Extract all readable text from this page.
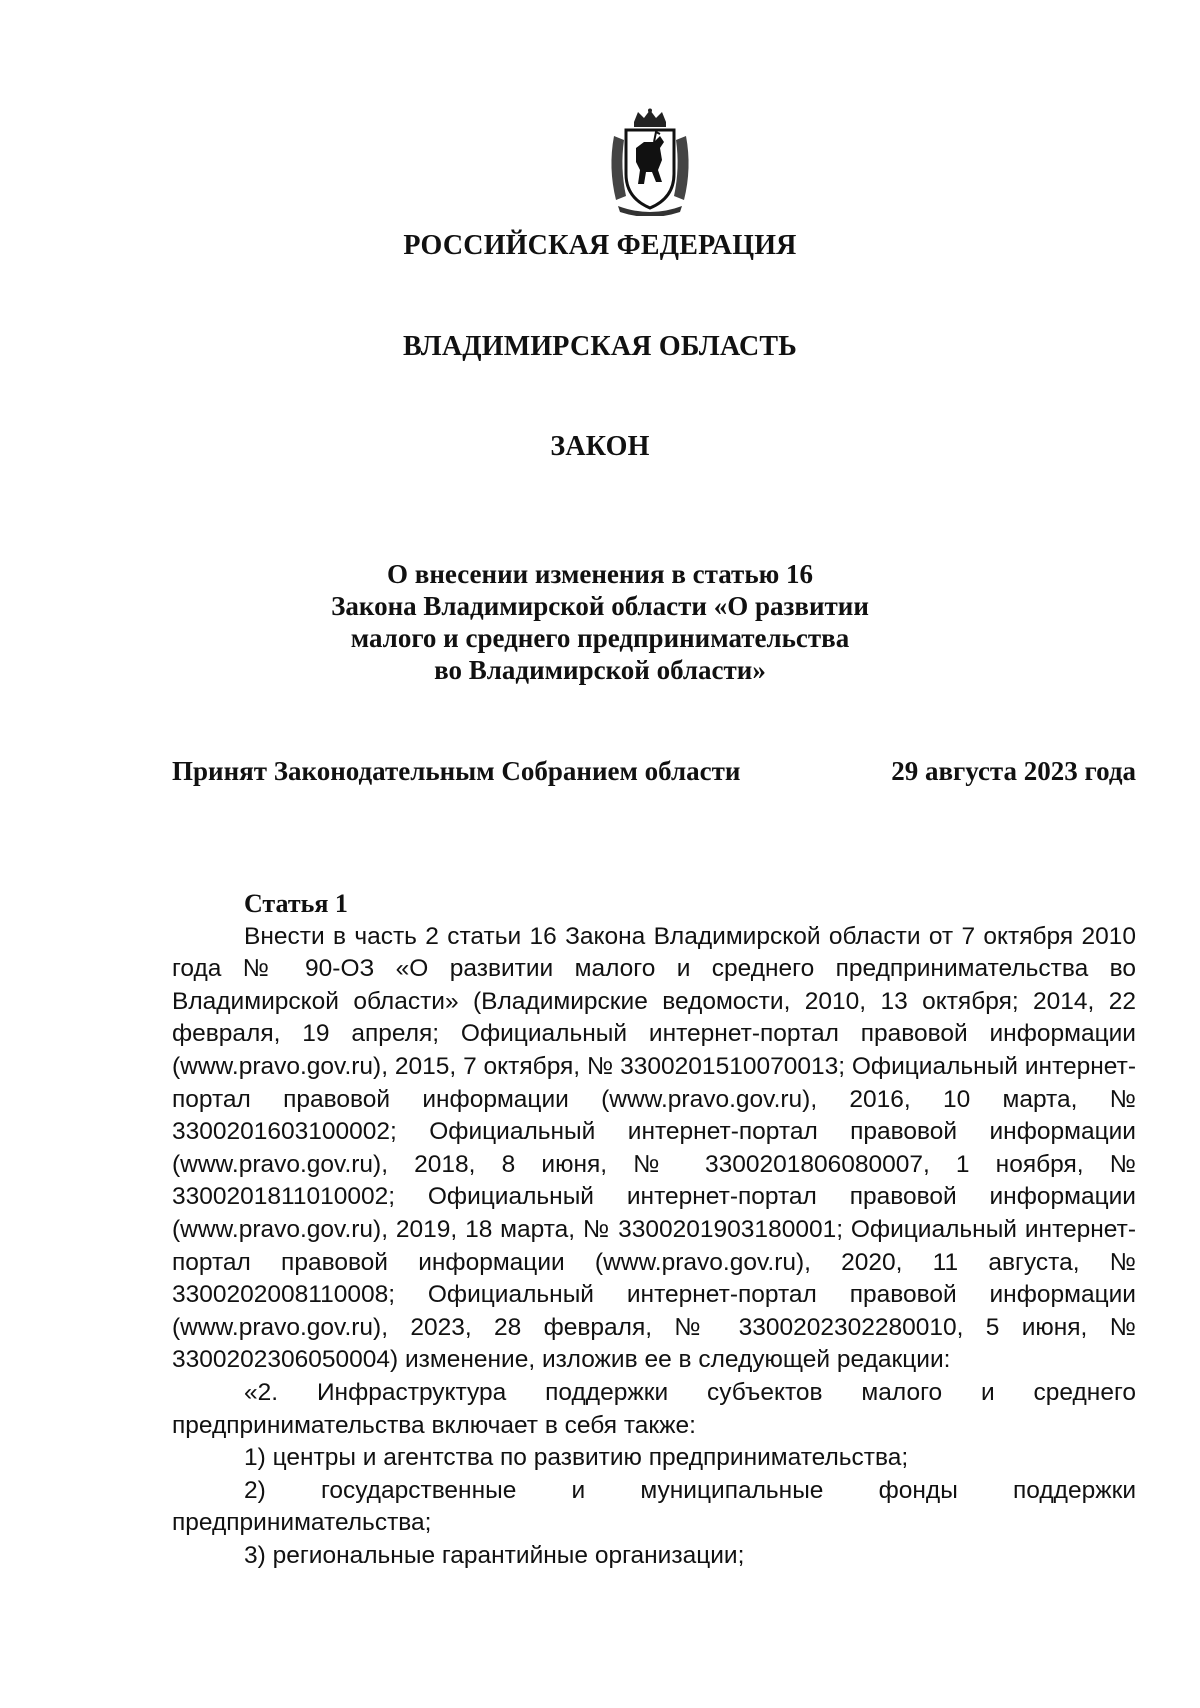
РОССИЙСКАЯ ФЕДЕРАЦИЯ
ВЛАДИМИРСКАЯ ОБЛАСТЬ
ЗАКОН
О внесении изменения в статью 16
Закона Владимирской области «О развитии
малого и среднего предпринимательства
во Владимирской области»
Принят Законодательным Собранием области	29 августа 2023 года
Статья 1

Внести в часть 2 статьи 16 Закона Владимирской области от 7 октября 2010 года № 90-ОЗ «О развитии малого и среднего предпринимательства во Владимирской области» (Владимирские ведомости, 2010, 13 октября; 2014, 22 февраля, 19 апреля; Официальный интернет-портал правовой информации (www.pravo.gov.ru), 2015, 7 октября, № 3300201510070013; Официальный интернет-портал правовой информации (www.pravo.gov.ru), 2016, 10 марта, № 3300201603100002; Официальный интернет-портал правовой информации (www.pravo.gov.ru), 2018, 8 июня, № 3300201806080007, 1 ноября, № 3300201811010002; Официальный интернет-портал правовой информации (www.pravo.gov.ru), 2019, 18 марта, № 3300201903180001; Официальный интернет-портал правовой информации (www.pravo.gov.ru), 2020, 11 августа, № 3300202008110008; Официальный интернет-портал правовой информации (www.pravo.gov.ru), 2023, 28 февраля, № 3300202302280010, 5 июня, № 3300202306050004) изменение, изложив ее в следующей редакции:

«2. Инфраструктура поддержки субъектов малого и среднего предпринимательства включает в себя также:

1) центры и агентства по развитию предпринимательства;

2) государственные и муниципальные фонды поддержки предпринимательства;

3) региональные гарантийные организации;
